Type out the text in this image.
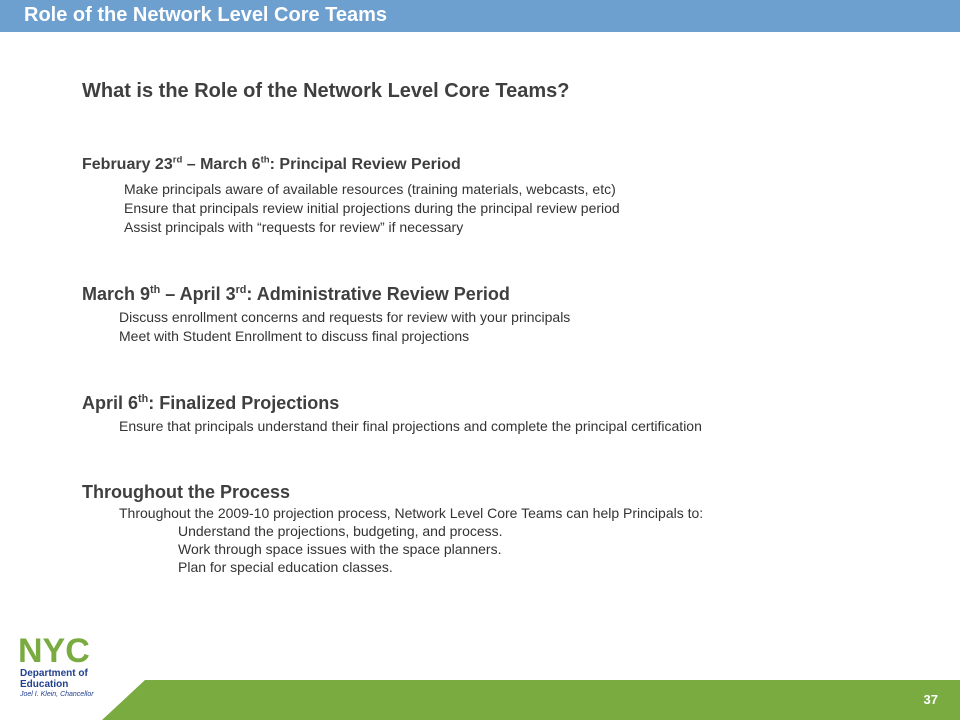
Role of the Network Level Core Teams
What is the Role of the Network Level Core Teams?
February 23rd – March 6th: Principal Review Period
Make principals aware of available resources (training materials, webcasts, etc)
Ensure that principals review initial projections during the principal review period
Assist principals with “requests for review” if necessary
March 9th – April 3rd: Administrative Review Period
Discuss enrollment concerns and requests for review with your principals
Meet with Student Enrollment to discuss final projections
April 6th: Finalized Projections
Ensure that principals understand their final projections and complete the principal certification
Throughout the Process
Throughout the 2009-10 projection process, Network Level Core Teams can help Principals to:
Understand the projections, budgeting, and process.
Work through space issues with the space planners.
Plan for special education classes.
37
NYC
Department of
Education
Joel I. Klein, Chancellor
